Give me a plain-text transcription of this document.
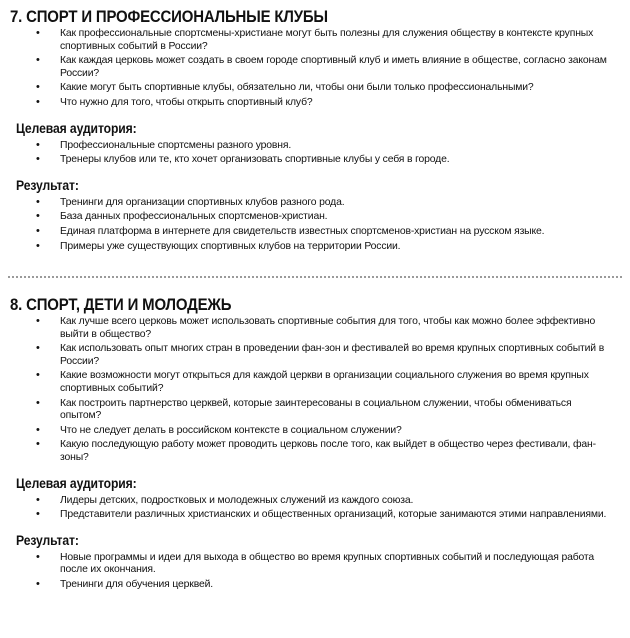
7. СПОРТ И ПРОФЕССИОНАЛЬНЫЕ КЛУБЫ
• Как профессиональные спортсмены-христиане могут быть полезны для служения обществу в контексте крупных спортивных событий в России?
• Как каждая церковь может создать в своем городе спортивный клуб и иметь влияние в обществе, согласно законам России?
• Какие могут быть спортивные клубы, обязательно ли, чтобы они были только профессиональными?
• Что нужно для того, чтобы открыть спортивный клуб?
Целевая аудитория:
• Профессиональные спортсмены разного уровня.
• Тренеры клубов или те, кто хочет организовать спортивные клубы у себя в городе.
Результат:
• Тренинги для организации спортивных клубов разного рода.
• База данных профессиональных спортсменов-христиан.
• Единая платформа в интернете для свидетельств известных спортсменов-христиан на русском языке.
• Примеры уже существующих спортивных клубов на территории России.
8. СПОРТ, ДЕТИ И МОЛОДЕЖЬ
• Как лучше всего церковь может использовать спортивные события для того, чтобы как можно более эффективно выйти в общество?
• Как использовать опыт многих стран в проведении фан-зон и фестивалей во время крупных спортивных событий в России?
• Какие возможности могут открыться для каждой церкви в организации социального служения во время крупных спортивных событий?
• Как построить партнерство церквей, которые заинтересованы в социальном служении, чтобы обмениваться опытом?
• Что не следует делать в российском контексте в социальном служении?
• Какую последующую работу может проводить церковь после того, как выйдет в общество через фестивали, фан-зоны?
Целевая аудитория:
• Лидеры детских, подростковых и молодежных служений из каждого союза.
• Представители различных христианских и общественных организаций, которые занимаются этими направлениями.
Результат:
• Новые программы и идеи для выхода в общество во время крупных спортивных событий и последующая работа после их окончания.
• Тренинги для обучения церквей.
